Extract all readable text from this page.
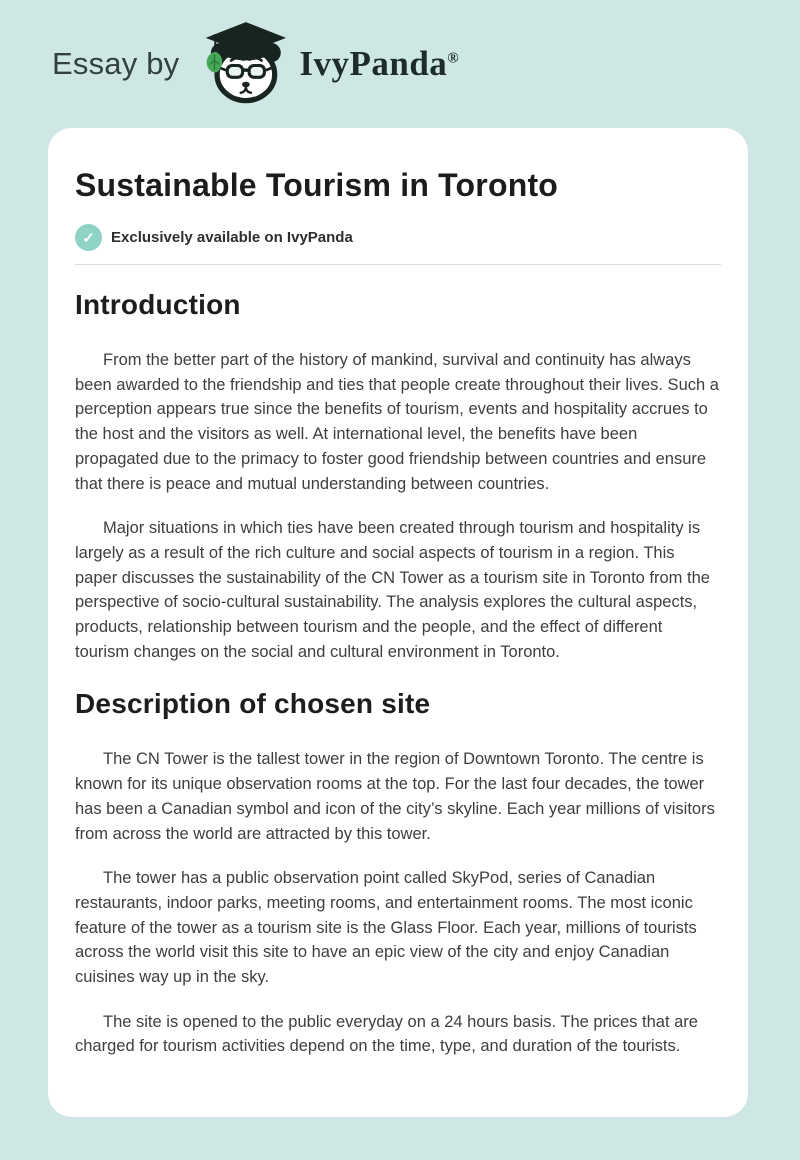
Essay by	IvyPanda®
Sustainable Tourism in Toronto
✓	Exclusively available on IvyPanda
Introduction

From the better part of the history of mankind, survival and continuity has always been awarded to the friendship and ties that people create throughout their lives. Such a perception appears true since the benefits of tourism, events and hospitality accrues to the host and the visitors as well. At international level, the benefits have been propagated due to the primacy to foster good friendship between countries and ensure that there is peace and mutual understanding between countries.

Major situations in which ties have been created through tourism and hospitality is largely as a result of the rich culture and social aspects of tourism in a region. This paper discusses the sustainability of the CN Tower as a tourism site in Toronto from the perspective of socio-cultural sustainability. The analysis explores the cultural aspects, products, relationship between tourism and the people, and the effect of different tourism changes on the social and cultural environment in Toronto.

Description of chosen site

The CN Tower is the tallest tower in the region of Downtown Toronto. The centre is known for its unique observation rooms at the top. For the last four decades, the tower has been a Canadian symbol and icon of the city’s skyline. Each year millions of visitors from across the world are attracted by this tower.

The tower has a public observation point called SkyPod, series of Canadian restaurants, indoor parks, meeting rooms, and entertainment rooms. The most iconic feature of the tower as a tourism site is the Glass Floor. Each year, millions of tourists across the world visit this site to have an epic view of the city and enjoy Canadian cuisines way up in the sky.

The site is opened to the public everyday on a 24 hours basis. The prices that are charged for tourism activities depend on the time, type, and duration of the tourists.
